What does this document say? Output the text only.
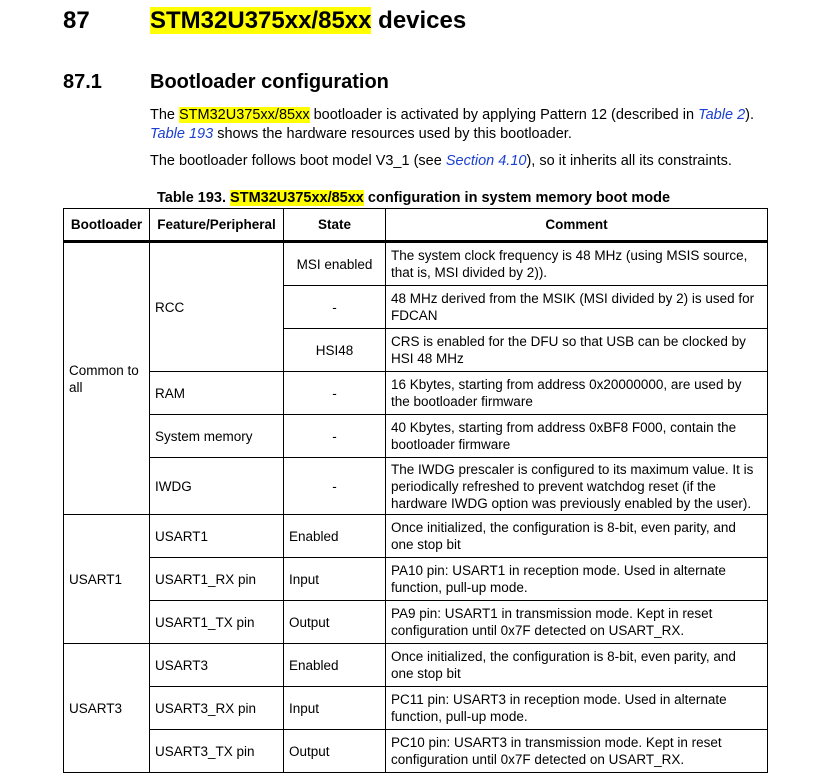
87	STM32U375xx/85xx devices
87.1 Bootloader configuration
The STM32U375xx/85xx bootloader is activated by applying Pattern 12 (described in Table 2). Table 193 shows the hardware resources used by this bootloader.
The bootloader follows boot model V3_1 (see Section 4.10), so it inherits all its constraints.
Table 193. STM32U375xx/85xx configuration in system memory boot mode
Bootloader	Feature/Peripheral	State	Comment
Common to all	RCC	MSI enabled	The system clock frequency is 48 MHz (using MSIS source, that is, MSI divided by 2)).
		-	48 MHz derived from the MSIK (MSI divided by 2) is used for FDCAN
		HSI48	CRS is enabled for the DFU so that USB can be clocked by HSI 48 MHz
	RAM	-	16 Kbytes, starting from address 0x20000000, are used by the bootloader firmware
	System memory	-	40 Kbytes, starting from address 0xBF8 F000, contain the bootloader firmware
	IWDG	-	The IWDG prescaler is configured to its maximum value. It is periodically refreshed to prevent watchdog reset (if the hardware IWDG option was previously enabled by the user).
USART1	USART1	Enabled	Once initialized, the configuration is 8-bit, even parity, and one stop bit
	USART1_RX pin	Input	PA10 pin: USART1 in reception mode. Used in alternate function, pull-up mode.
	USART1_TX pin	Output	PA9 pin: USART1 in transmission mode. Kept in reset configuration until 0x7F detected on USART_RX.
USART3	USART3	Enabled	Once initialized, the configuration is 8-bit, even parity, and one stop bit
	USART3_RX pin	Input	PC11 pin: USART3 in reception mode. Used in alternate function, pull-up mode.
	USART3_TX pin	Output	PC10 pin: USART3 in transmission mode. Kept in reset configuration until 0x7F detected on USART_RX.
